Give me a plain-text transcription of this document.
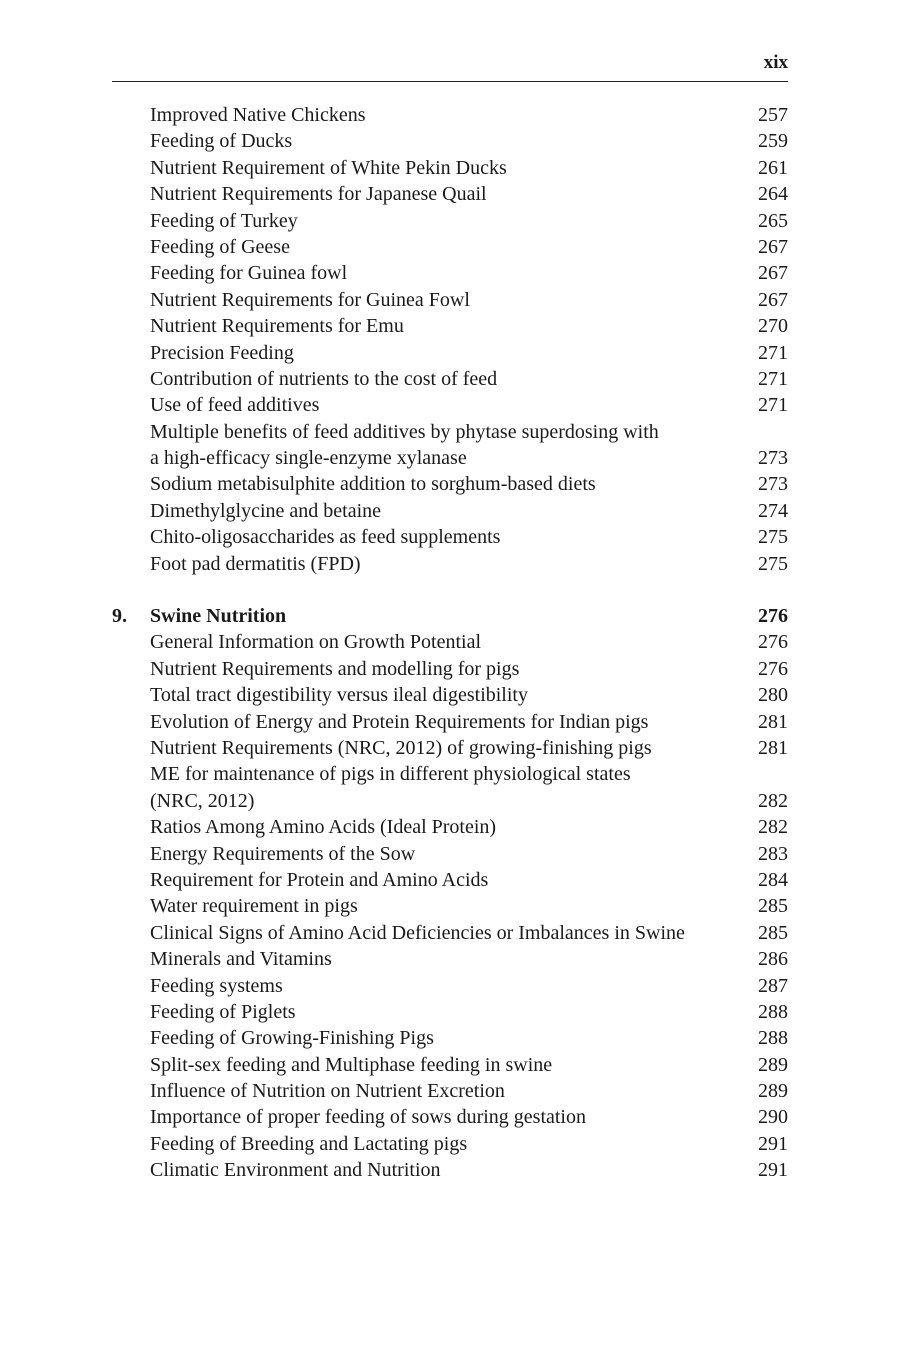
xix
Improved Native Chickens	257
Feeding of Ducks	259
Nutrient Requirement of White Pekin Ducks	261
Nutrient Requirements for Japanese Quail	264
Feeding of Turkey	265
Feeding of Geese	267
Feeding for Guinea fowl	267
Nutrient Requirements for Guinea Fowl	267
Nutrient Requirements for Emu	270
Precision Feeding	271
Contribution of nutrients to the cost of feed	271
Use of feed additives	271
Multiple benefits of feed additives by phytase superdosing with
a high-efficacy single-enzyme xylanase	273
Sodium metabisulphite addition to sorghum-based diets	273
Dimethylglycine and betaine	274
Chito-oligosaccharides as feed supplements	275
Foot pad dermatitis (FPD)	275
9. Swine Nutrition	276
General Information on Growth Potential	276
Nutrient Requirements and modelling for pigs	276
Total tract digestibility versus ileal digestibility	280
Evolution of Energy and Protein Requirements for Indian pigs	281
Nutrient Requirements (NRC, 2012) of growing-finishing pigs	281
ME for maintenance of pigs in different physiological states
(NRC, 2012)	282
Ratios Among Amino Acids (Ideal Protein)	282
Energy Requirements of the Sow	283
Requirement for Protein and Amino Acids	284
Water requirement in pigs	285
Clinical Signs of Amino Acid Deficiencies or Imbalances in Swine	285
Minerals and Vitamins	286
Feeding systems	287
Feeding of Piglets	288
Feeding of Growing-Finishing Pigs	288
Split-sex feeding and Multiphase feeding in swine	289
Influence of Nutrition on Nutrient Excretion	289
Importance of proper feeding of sows during gestation	290
Feeding of Breeding and Lactating pigs	291
Climatic Environment and Nutrition	291
